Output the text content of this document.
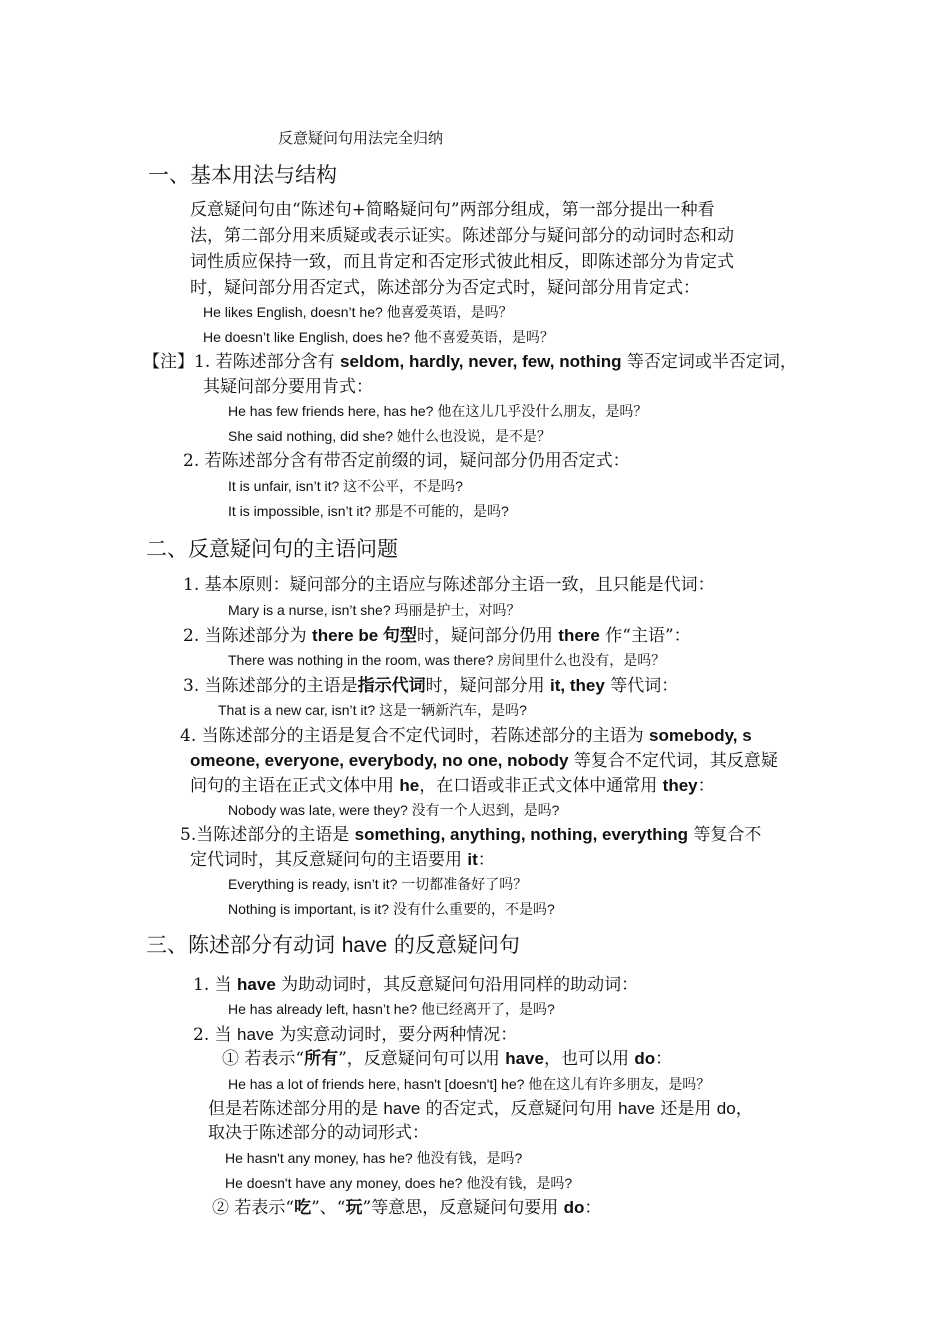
反意疑问句用法完全归纳
一、基本用法与结构
反意疑问句由“陈述句+简略疑问句”两部分组成，第一部分提出一种看
法，第二部分用来质疑或表示证实。陈述部分与疑问部分的动词时态和动
词性质应保持一致，而且肯定和否定形式彼此相反，即陈述部分为肯定式
时，疑问部分用否定式，陈述部分为否定式时，疑问部分用肯定式：
He likes English, doesn’t he? 他喜爱英语，是吗？
He doesn’t like English, does he? 他不喜爱英语，是吗？
【注】1. 若陈述部分含有 seldom, hardly, never, few, nothing 等否定词或半否定词，
其疑问部分要用肯式：
He has few friends here, has he? 他在这儿几乎没什么朋友，是吗？
She said nothing, did she? 她什么也没说，是不是？
2. 若陈述部分含有带否定前缀的词，疑问部分仍用否定式：
It is unfair, isn’t it? 这不公平，不是吗?
It is impossible, isn’t it? 那是不可能的，是吗?
二、反意疑问句的主语问题
1. 基本原则：疑问部分的主语应与陈述部分主语一致，且只能是代词：
Mary is a nurse, isn’t she? 玛丽是护士，对吗？
2. 当陈述部分为 there be 句型时，疑问部分仍用 there 作“主语”：
There was nothing in the room, was there? 房间里什么也没有，是吗？
3. 当陈述部分的主语是指示代词时，疑问部分用 it, they 等代词：
That is a new car, isn’t it? 这是一辆新汽车，是吗?
4. 当陈述部分的主语是复合不定代词时，若陈述部分的主语为 somebody, s
omeone, everyone, everybody, no one, nobody 等复合不定代词，其反意疑
问句的主语在正式文体中用 he，在口语或非正式文体中通常用 they：
Nobody was late, were they? 没有一个人迟到，是吗?
5.当陈述部分的主语是 something, anything, nothing, everything 等复合不
定代词时，其反意疑问句的主语要用 it：
Everything is ready, isn’t it? 一切都准备好了吗？
Nothing is important, is it? 没有什么重要的，不是吗?
三、陈述部分有动词 have 的反意疑问句
1. 当 have 为助动词时，其反意疑问句沿用同样的助动词：
He has already left, hasn’t he? 他已经离开了，是吗?
2. 当 have 为实意动词时，要分两种情况：
① 若表示“所有”，反意疑问句可以用 have，也可以用 do：
He has a lot of friends here, hasn't [doesn't] he? 他在这儿有许多朋友，是吗？
但是若陈述部分用的是 have 的否定式，反意疑问句用 have 还是用 do，
取决于陈述部分的动词形式：
He hasn't any money, has he? 他没有钱，是吗?
He doesn't have any money, does he? 他没有钱，是吗?
② 若表示“吃”、“玩”等意思，反意疑问句要用 do：
